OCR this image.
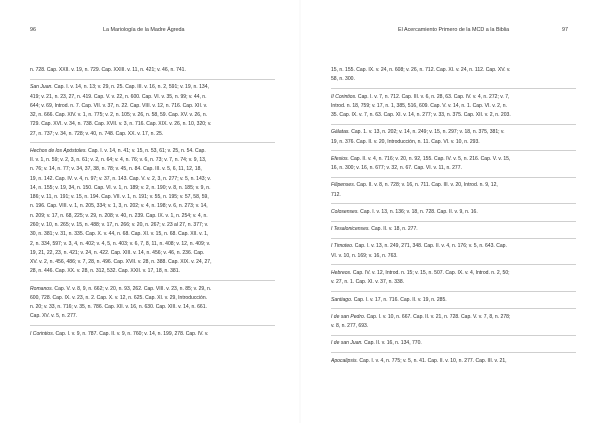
96	La Mariología de la Madre Ágreda	El Acercamiento Primero de la MCD a la Biblia	97
n. 728. Cap. XXII. v. 19, n. 729. Cap. XXIII. v. 11, n. 421; v. 46, n. 741.
San Juan. Cap. I. v. 14, n. 13; v. 29, n. 25. Cap. III. v. 16, n. 2, 591; v. 19, n. 134,
419; v. 21, n. 23, 27, n. 419. Cap. V. v. 22, n. 600. Cap. VI. v. 35, n. 99; v. 44, n.
644; v. 69, Introd. n. 7. Cap. VII. v. 37, n. 22. Cap. VIII. v. 12, n. 716. Cap. XII. v.
32, n. 666. Cap. XIV. v. 1, n. 775; v. 2, n. 105; v. 26, n. 58, 59. Cap. XV. v. 26, n.
729. Cap. XVI. v. 34, n. 738. Cap. XVII. v. 3, n. 716. Cap. XIX. v. 26, n. 10, 320; v.
27, n. 737; v. 34, n. 728; v. 40, n. 748. Cap. XX. v. 17, n. 25.
Hechos de los Apóstoles. Cap. I. v. 14, n. 41; v. 15, n. 53, 61; v. 25, n. 54. Cap.
II. v. 1, n. 59; v. 2, 3, n. 61; v. 2, n. 64; v. 4, n. 76; v. 6, n. 73; v. 7, n. 74; v. 9, 13,
n. 76; v. 14, n. 77; v. 34, 37, 38, n. 78; v. 45, n. 84. Cap. III. v. 5, 6, 11, 12, 18,
19, n. 142. Cap. IV. v. 4, n. 97; v. 37, n. 143. Cap. V. v. 2, 3, n. 277; v. 5, n. 143; v.
14, n. 155; v. 19, 34, n. 150. Cap. VI. v. 1, n. 189; v. 2, n. 190; v. 8, n. 185; v. 9, n.
186; v. 11, n. 191; v. 15, n. 194. Cap. VII. v. 1, n. 191; v. 55, n. 195; v. 57, 58, 59,
n. 196. Cap. VIII. v. 1, n. 205, 334; v. 1, 3, n. 202; v. 4, n. 198; v. 6, n. 273; v. 14,
n. 209; v. 17, n. 68, 225; v. 29, n. 208; v. 40, n. 239. Cap. IX. v. 1, n. 254; v. 4, n.
260; v. 10, n. 265; v. 15, n. 488; v. 17, n. 266; v. 20, n. 267; v. 23 al 27, n. 377; v.
30, n. 381; v. 31, n. 335. Cap. X. v. 44, n. 68. Cap. XI. v. 15, n. 68. Cap. XII. v. 1,
2, n. 334, 597; v. 3, 4, n. 402; v. 4, 5, n. 403; v. 6, 7, 8, 11, n. 408; v. 12, n. 409; v.
19, 21, 22, 23, n. 421; v. 24, n. 422. Cap. XIII. v. 14, n. 456; v. 46, n. 236. Cap.
XV. v. 2, n. 456, 486; v. 7, 28, n. 496. Cap. XVII. v. 28, n. 388. Cap. XIX. v. 24, 27,
28, n. 446. Cap. XX. v. 28, n. 312, 532. Cap. XXII. v. 17, 18, n. 381.
Romanos. Cap. V. v. 8, 9, n. 662; v. 20, n. 93, 262. Cap. VIII. v. 23, n. 85; v. 29, n.
600, 728. Cap. IX. v. 23, n. 2. Cap. X. v. 12, n. 625. Cap. XI. v. 29, Introducción.
n. 20; v. 33, n. 716; v. 35, n. 786. Cap. XII. v. 16, n. 630. Cap. XIII. v. 14, n. 661.
Cap. XV. v. 5, n. 277.
I Corintios. Cap. I. v. 9, n. 787. Cap. II. v. 9, n. 760; v. 14, n. 199, 278. Cap. IV. v.
15, n. 155. Cap. IX. v. 24, n. 608; v. 26, n. 712. Cap. XI. v. 24, n. 112. Cap. XV. v.
58, n. 300.
II Corintios. Cap. I. v. 7, n. 712. Cap. III. v. 6, n. 28, 63. Cap. IV. v. 4, n. 272; v. 7,
Introd. n. 18, 759; v. 17, n. 1, 385, 516, 609. Cap. V. v. 14, n. 1. Cap. VI. v. 2, n.
35. Cap. IX. v. 7, n. 63. Cap. XI. v. 14, n. 277; v. 33, n. 375. Cap. XII. v. 2, n. 203.
Gálatas. Cap. 1. v. 13, n. 202; v. 14, n. 249; v. 15, n. 297; v. 18, n. 375, 381; v.
19, n. 376. Cap. II. v. 20, Introducción, n. 11. Cap. VI. v. 10, n. 293.
Efesios. Cap. II. v. 4, n. 716; v. 20, n. 92, 155. Cap. IV. v. 5, n. 216. Cap. V. v. 15,
16, n. 300; v. 16, n. 677; v. 32, n. 67. Cap. VI. v. 11, n. 277.
Filipenses. Cap. II. v. 8, n. 728; v. 16, n. 711. Cap. III. v. 20, Introd. n. 9, 12,
712.
Colosenses. Cap. I. v. 13, n. 136; v. 18, n. 728. Cap. II. v. 9, n. 16.
I Tesalonicenses. Cap. II. v. 18, n. 277.
I Timoteo. Cap. I. v. 13, n. 249, 271, 348. Cap. II. v. 4, n. 176; v. 5, n. 643. Cap.
VI. v. 10, n. 169; v. 16, n. 763.
Hebreos. Cap. IV. v. 12, Introd. n. 15; v. 15, n. 507. Cap. IX. v. 4, Introd. n. 2, 50;
v. 27, n. 1. Cap. XI. v. 37, n. 338.
Santiago. Cap. I. v. 17, n. 716. Cap. II. v. 19, n. 285.
I de san Pedro. Cap. I. v. 10, n. 667. Cap. II. v. 21, n. 728. Cap. V. v. 7, 8, n. 278;
v. 8, n. 277, 693.
I de san Juan. Cap. II. v. 16, n. 134, 770.
Apocalipsis. Cap. I. v. 4, n. 775; v. 5, n. 41. Cap. II. v. 10, n. 277. Cap. III. v. 21,
